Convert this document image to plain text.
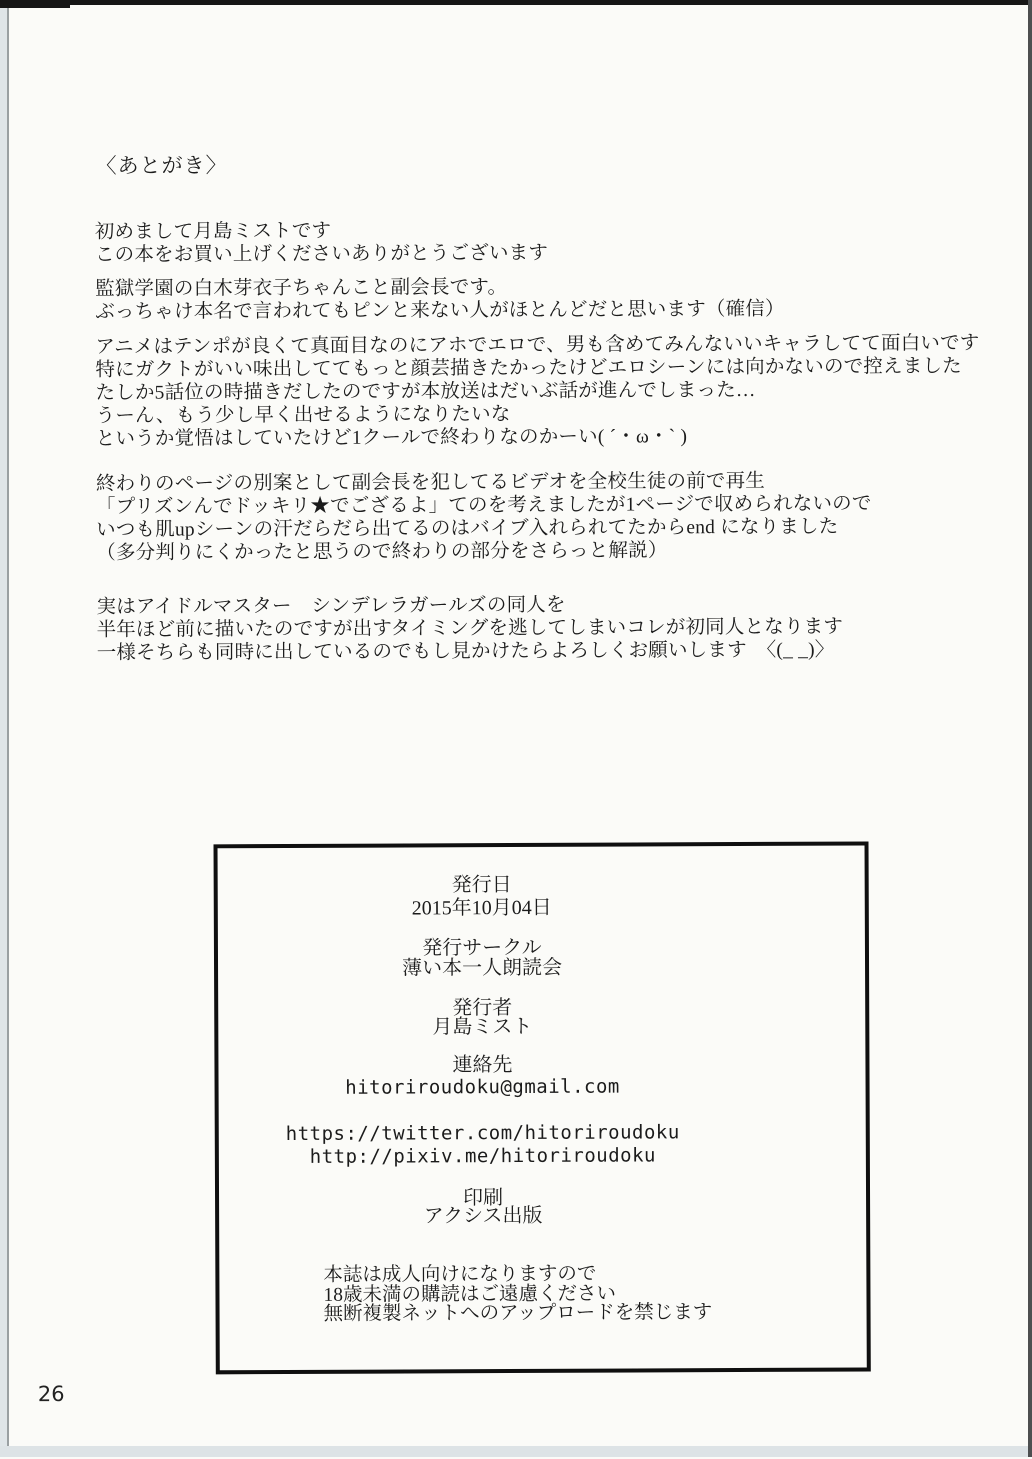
〈あとがき〉
初めまして月島ミストです
この本をお買い上げくださいありがとうございます
監獄学園の白木芽衣子ちゃんこと副会長です。
ぶっちゃけ本名で言われてもピンと来ない人がほとんどだと思います（確信）
アニメはテンポが良くて真面目なのにアホでエロで、男も含めてみんないいキャラしてて面白いです
特にガクトがいい味出しててもっと顔芸描きたかったけどエロシーンには向かないので控えました
たしか5話位の時描きだしたのですが本放送はだいぶ話が進んでしまった…
うーん、もう少し早く出せるようになりたいな
というか覚悟はしていたけど1クールで終わりなのかーい( ´・ω・` )
終わりのページの別案として副会長を犯してるビデオを全校生徒の前で再生
「プリズンんでドッキリ★でござるよ」てのを考えましたが1ページで収められないので
いつも肌upシーンの汗だらだら出てるのはバイブ入れられてたからend になりました
（多分判りにくかったと思うので終わりの部分をさらっと解説）
実はアイドルマスター　シンデレラガールズの同人を
半年ほど前に描いたのですが出すタイミングを逃してしまいコレが初同人となります
一様そちらも同時に出しているのでもし見かけたらよろしくお願いします　〈(_ _)〉
発行日
2015年10月04日
発行サークル
薄い本一人朗読会
発行者
月島ミスト
連絡先
hitoriroudoku@gmail.com
https://twitter.com/hitoriroudoku
http://pixiv.me/hitoriroudoku
印刷
アクシス出版
本誌は成人向けになりますので
18歳未満の購読はご遠慮ください
無断複製ネットへのアップロードを禁じます
26
